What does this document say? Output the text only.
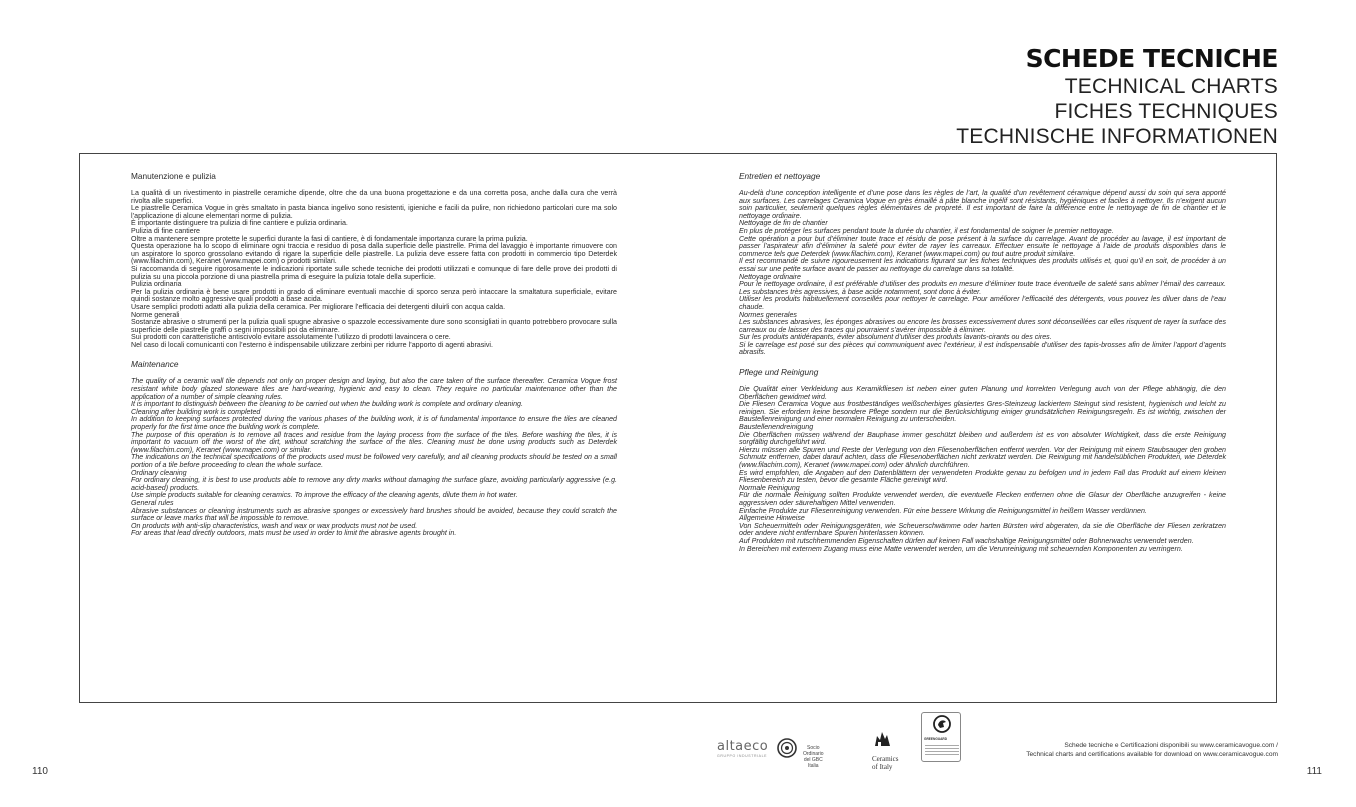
SCHEDE TECNICHE
TECHNICAL CHARTS
FICHES TECHNIQUES
TECHNISCHE INFORMATIONEN
Manutenzione e pulizia

La qualità di un rivestimento in piastrelle ceramiche dipende, oltre che da una buona progettazione e da una corretta posa, anche dalla cura che verrà rivolta alle superfici.

Le piastrelle Ceramica Vogue in grès smaltato in pasta bianca ingelivo sono resistenti, igieniche e facili da pulire, non richiedono particolari cure ma solo l’applicazione di alcune elementari norme di pulizia.

È importante distinguere tra pulizia di fine cantiere e pulizia ordinaria.

Pulizia di fine cantiere

Oltre a mantenere sempre protette le superfici durante la fasi di cantiere, è di fondamentale importanza curare la prima pulizia.

Questa operazione ha lo scopo di eliminare ogni traccia e residuo di posa dalla superficie delle piastrelle. Prima del lavaggio è importante rimuovere con un aspiratore lo sporco grossolano evitando di rigare la superficie delle piastrelle. La pulizia deve essere fatta con prodotti in commercio tipo Deterdek (www.filachim.com), Keranet (www.mapei.com) o prodotti similari.

Si raccomanda di seguire rigorosamente le indicazioni riportate sulle schede tecniche dei prodotti utilizzati e comunque di fare delle prove dei prodotti di pulizia su una piccola porzione di una piastrella prima di eseguire la pulizia totale della superficie.

Pulizia ordinaria

Per la pulizia ordinaria è bene usare prodotti in grado di eliminare eventuali macchie di sporco senza però intaccare la smaltatura superficiale, evitare quindi sostanze molto aggressive quali prodotti a base acida.

Usare semplici prodotti adatti alla pulizia della ceramica. Per migliorare l’efficacia dei detergenti diluirli con acqua calda.

Norme generali

Sostanze abrasive o strumenti per la pulizia quali spugne abrasive o spazzole eccessivamente dure sono sconsigliati in quanto potrebbero provocare sulla superficie delle piastrelle graffi o segni impossibili poi da eliminare.

Sui prodotti con caratteristiche antiscivolo evitare assolutamente l’utilizzo di prodotti lavaincera o cere.

Nel caso di locali comunicanti con l’esterno è indispensabile utilizzare zerbini per ridurre l’apporto di agenti abrasivi.

Maintenance

The quality of a ceramic wall tile depends not only on proper design and laying, but also the care taken of the surface thereafter. Ceramica Vogue frost resistant white body glazed stoneware tiles are hard-wearing, hygienic and easy to clean. They require no particular maintenance other than the application of a number of simple cleaning rules.

It is important to distinguish between the cleaning to be carried out when the building work is complete and ordinary cleaning.

Cleaning after building work is completed

In addition to keeping surfaces protected during the various phases of the building work, it is of fundamental importance to ensure the tiles are cleaned properly for the first time once the building work is complete.

The purpose of this operation is to remove all traces and residue from the laying process from the surface of the tiles. Before washing the tiles, it is important to vacuum off the worst of the dirt, without scratching the surface of the tiles. Cleaning must be done using products such as Deterdek (www.filachim.com), Keranet (www.mapei.com) or similar.

The indications on the technical specifications of the products used must be followed very carefully, and all cleaning products should be tested on a small portion of a tile before proceeding to clean the whole surface.

Ordinary cleaning

For ordinary cleaning, it is best to use products able to remove any dirty marks without damaging the surface glaze, avoiding particularly aggressive (e.g. acid-based) products.

Use simple products suitable for cleaning ceramics. To improve the efficacy of the cleaning agents, dilute them in hot water.

General rules

Abrasive substances or cleaning instruments such as abrasive sponges or excessively hard brushes should be avoided, because they could scratch the surface or leave marks that will be impossible to remove.

On products with anti-slip characteristics, wash and wax or wax products must not be used.

For areas that lead directly outdoors, mats must be used in order to limit the abrasive agents brought in.

Entretien et nettoyage

Au-delà d’une conception intelligente et d’une pose dans les règles de l’art, la qualité d’un revêtement céramique dépend aussi du soin qui sera apporté aux surfaces. Les carrelages Ceramica Vogue en grès émaillé à pâte blanche ingélif sont résistants, hygiéniques et faciles à nettoyer. Ils n’exigent aucun soin particulier, seulement quelques règles élémentaires de propreté. Il est important de faire la différence entre le nettoyage de fin de chantier et le nettoyage ordinaire.

Nettoyage de fin de chantier

En plus de protéger les surfaces pendant toute la durée du chantier, il est fondamental de soigner le premier nettoyage.

Cette opération a pour but d’éliminer toute trace et résidu de pose présent à la surface du carrelage. Avant de procéder au lavage, il est important de passer l’aspirateur afin d’éliminer la saleté pour éviter de rayer les carreaux. Effectuer ensuite le nettoyage à l’aide de produits disponibles dans le commerce tels que Deterdek (www.filachim.com), Keranet (www.mapei.com) ou tout autre produit similaire.

Il est recommandé de suivre rigoureusement les indications figurant sur les fiches techniques des produits utilisés et, quoi qu’il en soit, de procéder à un essai sur une petite surface avant de passer au nettoyage du carrelage dans sa totalité.

Nettoyage ordinaire

Pour le nettoyage ordinaire, il est préférable d’utiliser des produits en mesure d’éliminer toute trace éventuelle de saleté sans abîmer l’émail des carreaux. Les substances très agressives, à base acide notamment, sont donc à éviter.

Utiliser les produits habituellement conseillés pour nettoyer le carrelage. Pour améliorer l’efficacité des détergents, vous pouvez les diluer dans de l’eau chaude.

Normes generales

Les substances abrasives, les éponges abrasives ou encore les brosses excessivement dures sont déconseillées car elles risquent de rayer la surface des carreaux ou de laisser des traces qui pourraient s’avérer impossible à éliminer.

Sur les produits antidérapants, éviter absolument d’utiliser des produits lavants-cirants ou des cires.

Si le carrelage est posé sur des pièces qui communiquent avec l’extérieur, il est indispensable d’utiliser des tapis-brosses afin de limiter l’apport d’agents abrasifs.

Pflege und Reinigung

Die Qualität einer Verkleidung aus Keramikfliesen ist neben einer guten Planung und korrekten Verlegung auch von der Pflege abhängig, die den Oberflächen gewidmet wird.

Die Fliesen Ceramica Vogue aus frostbeständiges weißscherbiges glasiertes Gres-Steinzeug lackiertem Steingut sind resistent, hygienisch und leicht zu reinigen. Sie erfordern keine besondere Pflege sondern nur die Berücksichtigung einiger grundsätzlichen Reinigungsregeln. Es ist wichtig, zwischen der Baustellenreinigung und einer normalen Reinigung zu unterscheiden.

Baustellenendreinigung

Die Oberflächen müssen während der Bauphase immer geschützt bleiben und außerdem ist es von absoluter Wichtigkeit, dass die erste Reinigung sorgfältig durchgeführt wird.

Hierzu müssen alle Spuren und Reste der Verlegung von den Fliesenoberflächen entfernt werden. Vor der Reinigung mit einem Staubsauger den groben Schmutz entfernen, dabei darauf achten, dass die Fliesenoberflächen nicht zerkratzt werden. Die Reinigung mit handelsüblichen Produkten, wie Deterdek (www.filachim.com), Keranet (www.mapei.com) oder ähnlich durchführen.

Es wird empfohlen, die Angaben auf den Datenblättern der verwendeten Produkte genau zu befolgen und in jedem Fall das Produkt auf einem kleinen Fliesenbereich zu testen, bevor die gesamte Fläche gereinigt wird.

Normale Reinigung

Für die normale Reinigung sollten Produkte verwendet werden, die eventuelle Flecken entfernen ohne die Glasur der Oberfläche anzugreifen - keine aggressiven oder säurehaltigen Mittel verwenden.

Einfache Produkte zur Fliesenreinigung verwenden. Für eine bessere Wirkung die Reinigungsmittel in heißem Wasser verdünnen.

Allgemeine Hinweise

Von Scheuermitteln oder Reinigungsgeräten, wie Scheuerschwämme oder harten Bürsten wird abgeraten, da sie die Oberfläche der Fliesen zerkratzen oder andere nicht entfernbare Spuren hinterlassen können.

Auf Produkten mit rutschhemmenden Eigenschaften dürfen auf keinen Fall wachshaltige Reinigungsmittel oder Bohnerwachs verwendet werden.

In Bereichen mit externem Zugang muss eine Matte verwendet werden, um die Verunreinigung mit scheuernden Komponenten zu verringern.

altaeco
GRUPPO INDUSTRIALE
Socio Ordinario
del GBC Italia
Ceramics of Italy
GREENGUARD
Schede tecniche e Certificazioni disponibili su www.ceramicavogue.com /
Technical charts and certifications available for download on www.ceramicavogue.com
110	111
